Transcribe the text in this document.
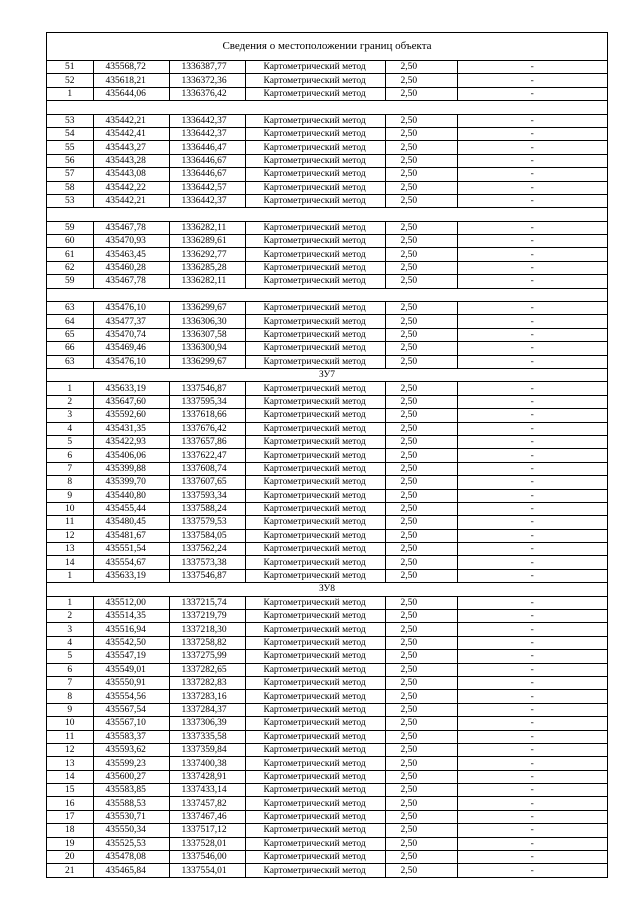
Сведения о местоположении границ объекта
51	435568,72	1336387,77	Картометрический метод	2,50	-
52	435618,21	1336372,36	Картометрический метод	2,50	-
1	435644,06	1336376,42	Картометрический метод	2,50	-

53	435442,21	1336442,37	Картометрический метод	2,50	-
54	435442,41	1336442,37	Картометрический метод	2,50	-
55	435443,27	1336446,47	Картометрический метод	2,50	-
56	435443,28	1336446,67	Картометрический метод	2,50	-
57	435443,08	1336446,67	Картометрический метод	2,50	-
58	435442,22	1336442,57	Картометрический метод	2,50	-
53	435442,21	1336442,37	Картометрический метод	2,50	-

59	435467,78	1336282,11	Картометрический метод	2,50	-
60	435470,93	1336289,61	Картометрический метод	2,50	-
61	435463,45	1336292,77	Картометрический метод	2,50	-
62	435460,28	1336285,28	Картометрический метод	2,50	-
59	435467,78	1336282,11	Картометрический метод	2,50	-

63	435476,10	1336299,67	Картометрический метод	2,50	-
64	435477,37	1336306,30	Картометрический метод	2,50	-
65	435470,74	1336307,58	Картометрический метод	2,50	-
66	435469,46	1336300,94	Картометрический метод	2,50	-
63	435476,10	1336299,67	Картометрический метод	2,50	-
ЗУ7					
1	435633,19	1337546,87	Картометрический метод	2,50	-
2	435647,60	1337595,34	Картометрический метод	2,50	-
3	435592,60	1337618,66	Картометрический метод	2,50	-
4	435431,35	1337676,42	Картометрический метод	2,50	-
5	435422,93	1337657,86	Картометрический метод	2,50	-
6	435406,06	1337622,47	Картометрический метод	2,50	-
7	435399,88	1337608,74	Картометрический метод	2,50	-
8	435399,70	1337607,65	Картометрический метод	2,50	-
9	435440,80	1337593,34	Картометрический метод	2,50	-
10	435455,44	1337588,24	Картометрический метод	2,50	-
11	435480,45	1337579,53	Картометрический метод	2,50	-
12	435481,67	1337584,05	Картометрический метод	2,50	-
13	435551,54	1337562,24	Картометрический метод	2,50	-
14	435554,67	1337573,38	Картометрический метод	2,50	-
1	435633,19	1337546,87	Картометрический метод	2,50	-
ЗУ8					
1	435512,00	1337215,74	Картометрический метод	2,50	-
2	435514,35	1337219,79	Картометрический метод	2,50	-
3	435516,94	1337218,30	Картометрический метод	2,50	-
4	435542,50	1337258,82	Картометрический метод	2,50	-
5	435547,19	1337275,99	Картометрический метод	2,50	-
6	435549,01	1337282,65	Картометрический метод	2,50	-
7	435550,91	1337282,83	Картометрический метод	2,50	-
8	435554,56	1337283,16	Картометрический метод	2,50	-
9	435567,54	1337284,37	Картометрический метод	2,50	-
10	435567,10	1337306,39	Картометрический метод	2,50	-
11	435583,37	1337335,58	Картометрический метод	2,50	-
12	435593,62	1337359,84	Картометрический метод	2,50	-
13	435599,23	1337400,38	Картометрический метод	2,50	-
14	435600,27	1337428,91	Картометрический метод	2,50	-
15	435583,85	1337433,14	Картометрический метод	2,50	-
16	435588,53	1337457,82	Картометрический метод	2,50	-
17	435530,71	1337467,46	Картометрический метод	2,50	-
18	435550,34	1337517,12	Картометрический метод	2,50	-
19	435525,53	1337528,01	Картометрический метод	2,50	-
20	435478,08	1337546,00	Картометрический метод	2,50	-
21	435465,84	1337554,01	Картометрический метод	2,50	-
